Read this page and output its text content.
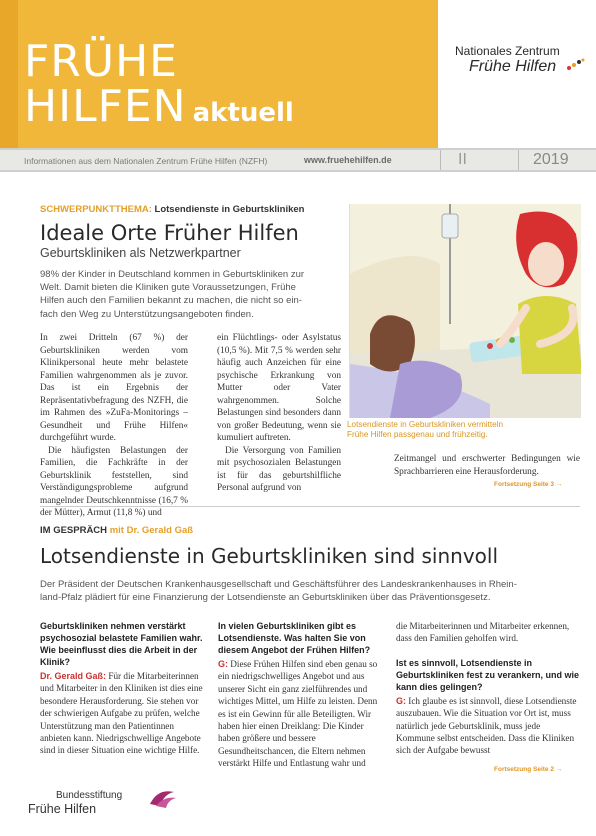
FRÜHE
HILFEN aktuell
Nationales Zentrum
Frühe Hilfen
Informationen aus dem Nationalen Zentrum Frühe Hilfen (NZFH)	www.fruehehilfen.de	II	2019
SCHWERPUNKTTHEMA: Lotsendienste in Geburtskliniken
Ideale Orte Früher Hilfen
Geburtskliniken als Netzwerkpartner
98% der Kinder in Deutschland kommen in Geburtskliniken zur
Welt. Damit bieten die Kliniken gute Voraussetzungen, Frühe
Hilfen auch den Familien bekannt zu machen, die nicht so ein-
fach den Weg zu Unterstützungsangeboten finden.

In zwei Dritteln (67 %) der Geburtskliniken werden vom Klinikpersonal heute mehr belastete Familien wahrgenommen als je zuvor. Das ist ein Ergebnis der Repräsentativbefragung des NZFH, die im Rahmen des »ZuFa-Monitorings – Gesundheit und Frühe Hilfen« durchgeführt wurde.

Die häufigsten Belastungen der Familien, die Fachkräfte in der Geburtsklinik feststellen, sind Verständigungsprobleme aufgrund mangelnder Deutschkenntnisse (16,7 % der Mütter), Armut (11,8 %) und

ein Flüchtlings- oder Asylstatus (10,5 %). Mit 7,5 % werden sehr häufig auch Anzeichen für eine psychische Erkrankung von Mutter oder Vater wahrgenommen. Solche Belastungen sind besonders dann von großer Bedeutung, wenn sie kumuliert auftreten.

Die Versorgung von Familien mit psychosozialen Belastungen ist für das geburtshilfliche Personal aufgrund von

Lotsendienste in Geburtskliniken vermitteln
Frühe Hilfen passgenau und frühzeitig.

Zeitmangel und erschwerter Bedingungen wie Sprachbarrieren eine Herausforderung.

Fortsetzung Seite 3 →
IM GESPRÄCH mit Dr. Gerald Gaß
Lotsendienste in Geburtskliniken sind sinnvoll
Der Präsident der Deutschen Krankenhausgesellschaft und Geschäftsführer des Landeskrankenhauses in Rhein-
land-Pfalz plädiert für eine Finanzierung der Lotsendienste an Geburtskliniken über das Präventionsgesetz.
Geburtskliniken nehmen verstärkt psychosozial belastete Familien wahr. Wie beeinflusst dies die Arbeit in der Klinik?
Dr. Gerald Gaß: Für die Mitarbeiterinnen und Mitarbeiter in den Kliniken ist dies eine besondere Herausforderung. Sie stehen vor der schwierigen Aufgabe zu prüfen, welche Unterstützung man den Patientinnen anbieten kann. Niedrigschwellige Angebote sind in dieser Situation eine wichtige Hilfe.
In vielen Geburtskliniken gibt es Lotsendienste. Was halten Sie von diesem Angebot der Frühen Hilfen?
G: Diese Frühen Hilfen sind eben genau so ein niedrigschwelliges Angebot und aus unserer Sicht ein ganz zielführendes und wichtiges Mittel, um Hilfe zu leisten. Denn es ist ein Gewinn für alle Beteiligten. Wir haben hier einen Dreiklang: Die Kinder haben größere und bessere Gesundheitschancen, die Eltern nehmen verstärkt Hilfe und Entlastung wahr und
die Mitarbeiterinnen und Mitarbeiter erkennen, dass den Familien geholfen wird.
Ist es sinnvoll, Lotsendienste in Geburtskliniken fest zu verankern, und wie kann dies gelingen?
G: Ich glaube es ist sinnvoll, diese Lotsendienste auszubauen. Wie die Situation vor Ort ist, muss natürlich jede Geburtsklinik, muss jede Kommune selbst entscheiden. Dass die Kliniken sich der Aufgabe bewusst
Fortsetzung Seite 2 →
Bundesstiftung
Frühe Hilfen
